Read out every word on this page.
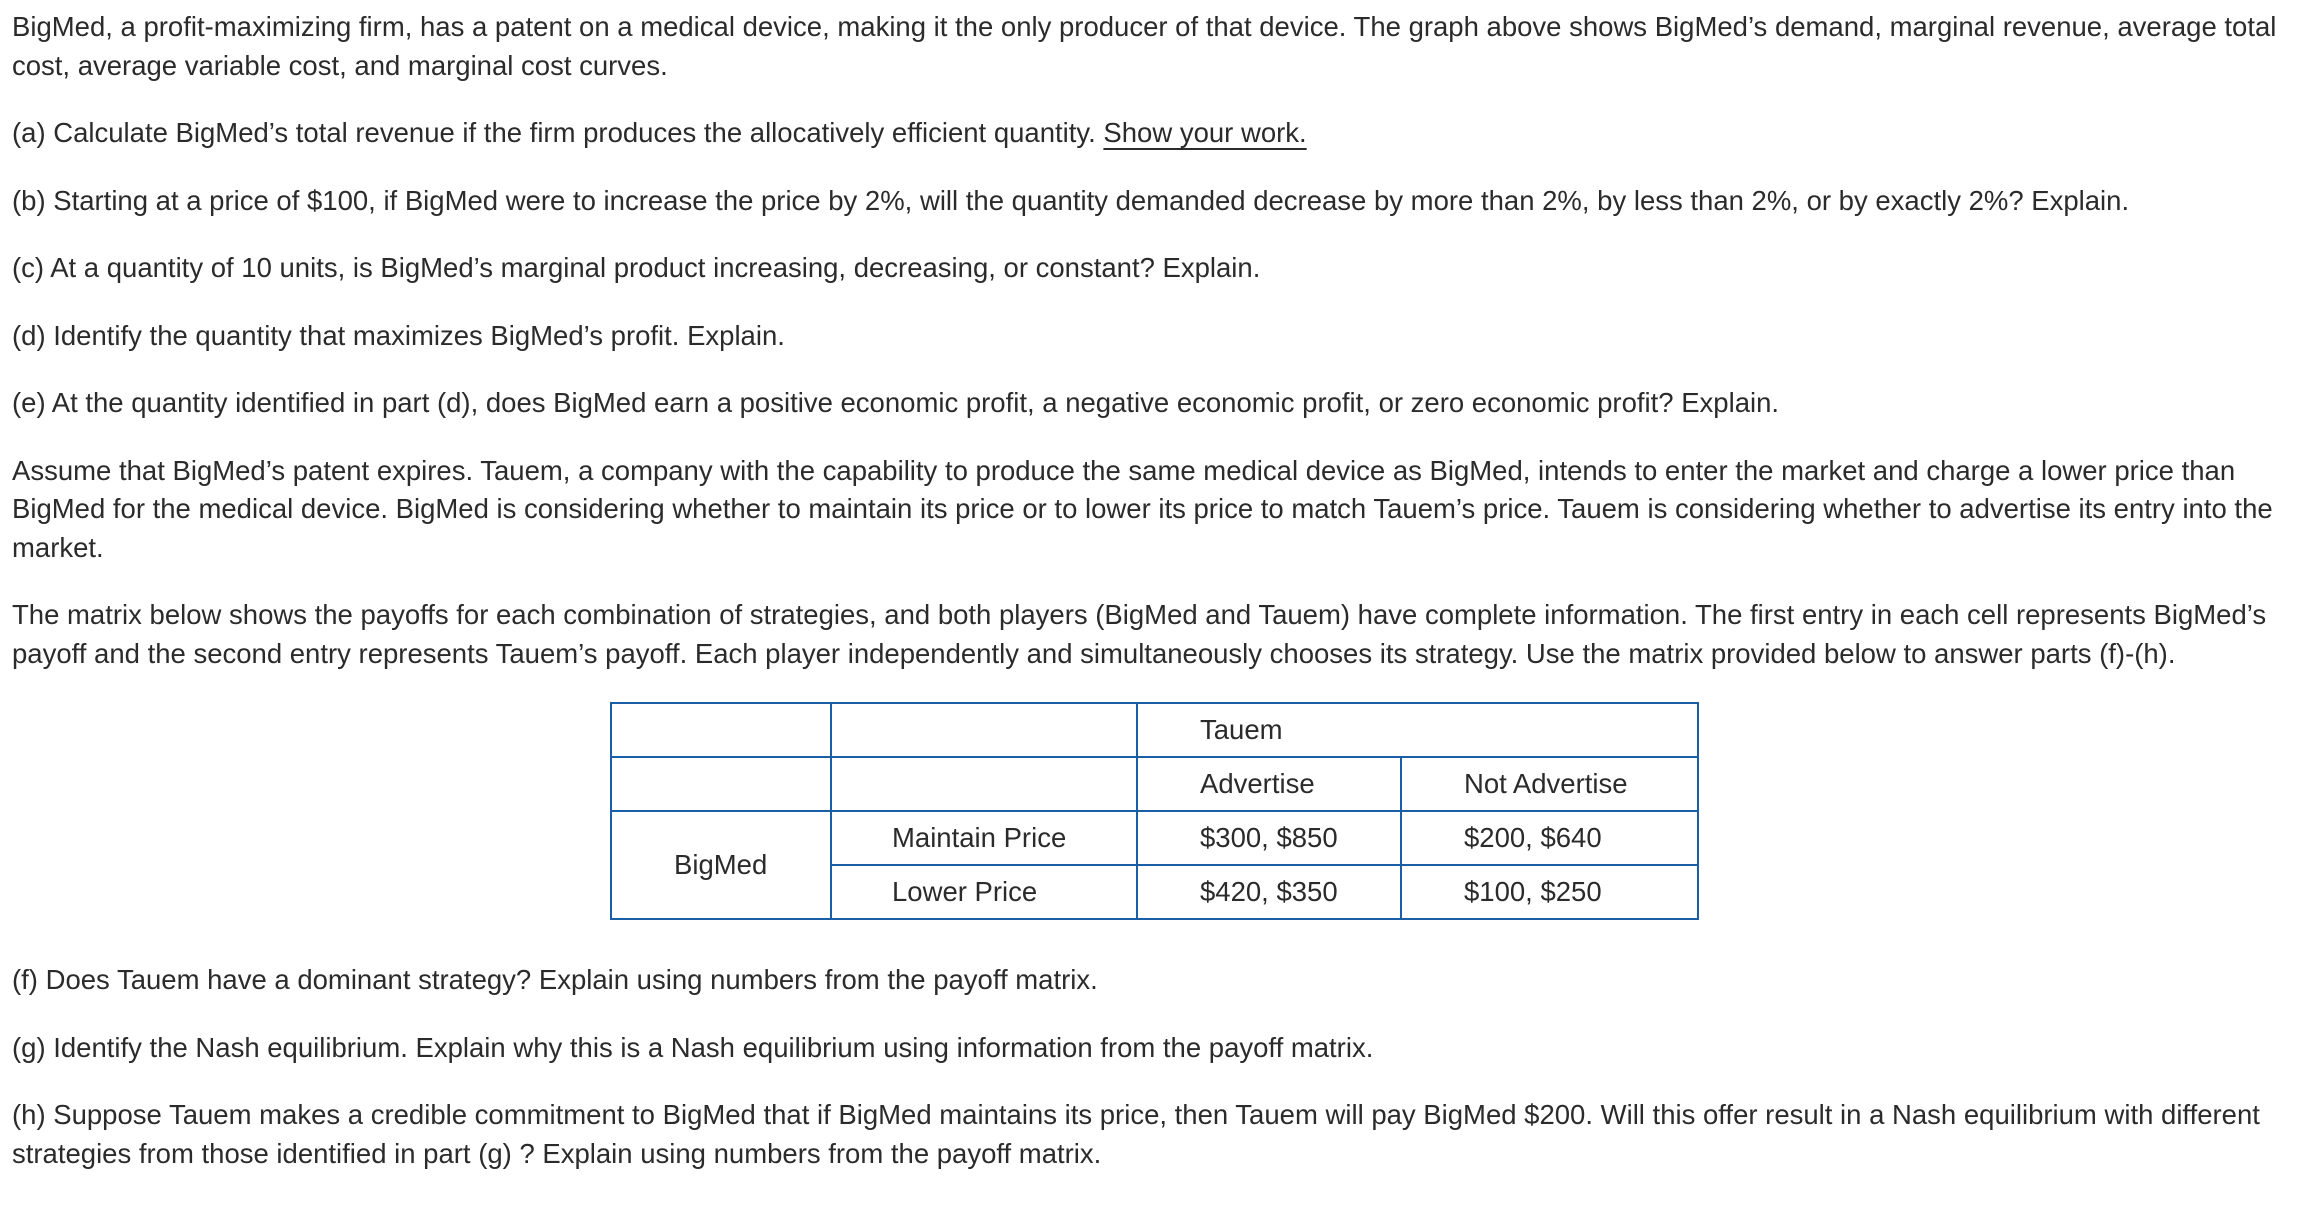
BigMed, a profit-maximizing firm, has a patent on a medical device, making it the only producer of that device. The graph above shows BigMed’s demand, marginal revenue, average total cost, average variable cost, and marginal cost curves.

(a) Calculate BigMed’s total revenue if the firm produces the allocatively efficient quantity. Show your work.

(b) Starting at a price of $100, if BigMed were to increase the price by 2%, will the quantity demanded decrease by more than 2%, by less than 2%, or by exactly 2%? Explain.

(c) At a quantity of 10 units, is BigMed’s marginal product increasing, decreasing, or constant? Explain.

(d) Identify the quantity that maximizes BigMed’s profit. Explain.

(e) At the quantity identified in part (d), does BigMed earn a positive economic profit, a negative economic profit, or zero economic profit? Explain.

Assume that BigMed’s patent expires. Tauem, a company with the capability to produce the same medical device as BigMed, intends to enter the market and charge a lower price than BigMed for the medical device. BigMed is considering whether to maintain its price or to lower its price to match Tauem’s price. Tauem is considering whether to advertise its entry into the market.

The matrix below shows the payoffs for each combination of strategies, and both players (BigMed and Tauem) have complete information. The first entry in each cell represents BigMed’s payoff and the second entry represents Tauem’s payoff. Each player independently and simultaneously chooses its strategy. Use the matrix provided below to answer parts (f)-(h).

		Tauem	
		Advertise	Not Advertise
BigMed	Maintain Price	$300, $850	$200, $640
	Lower Price	$420, $350	$100, $250

(f) Does Tauem have a dominant strategy? Explain using numbers from the payoff matrix.

(g) Identify the Nash equilibrium. Explain why this is a Nash equilibrium using information from the payoff matrix.

(h) Suppose Tauem makes a credible commitment to BigMed that if BigMed maintains its price, then Tauem will pay BigMed $200. Will this offer result in a Nash equilibrium with different strategies from those identified in part (g) ? Explain using numbers from the payoff matrix.
